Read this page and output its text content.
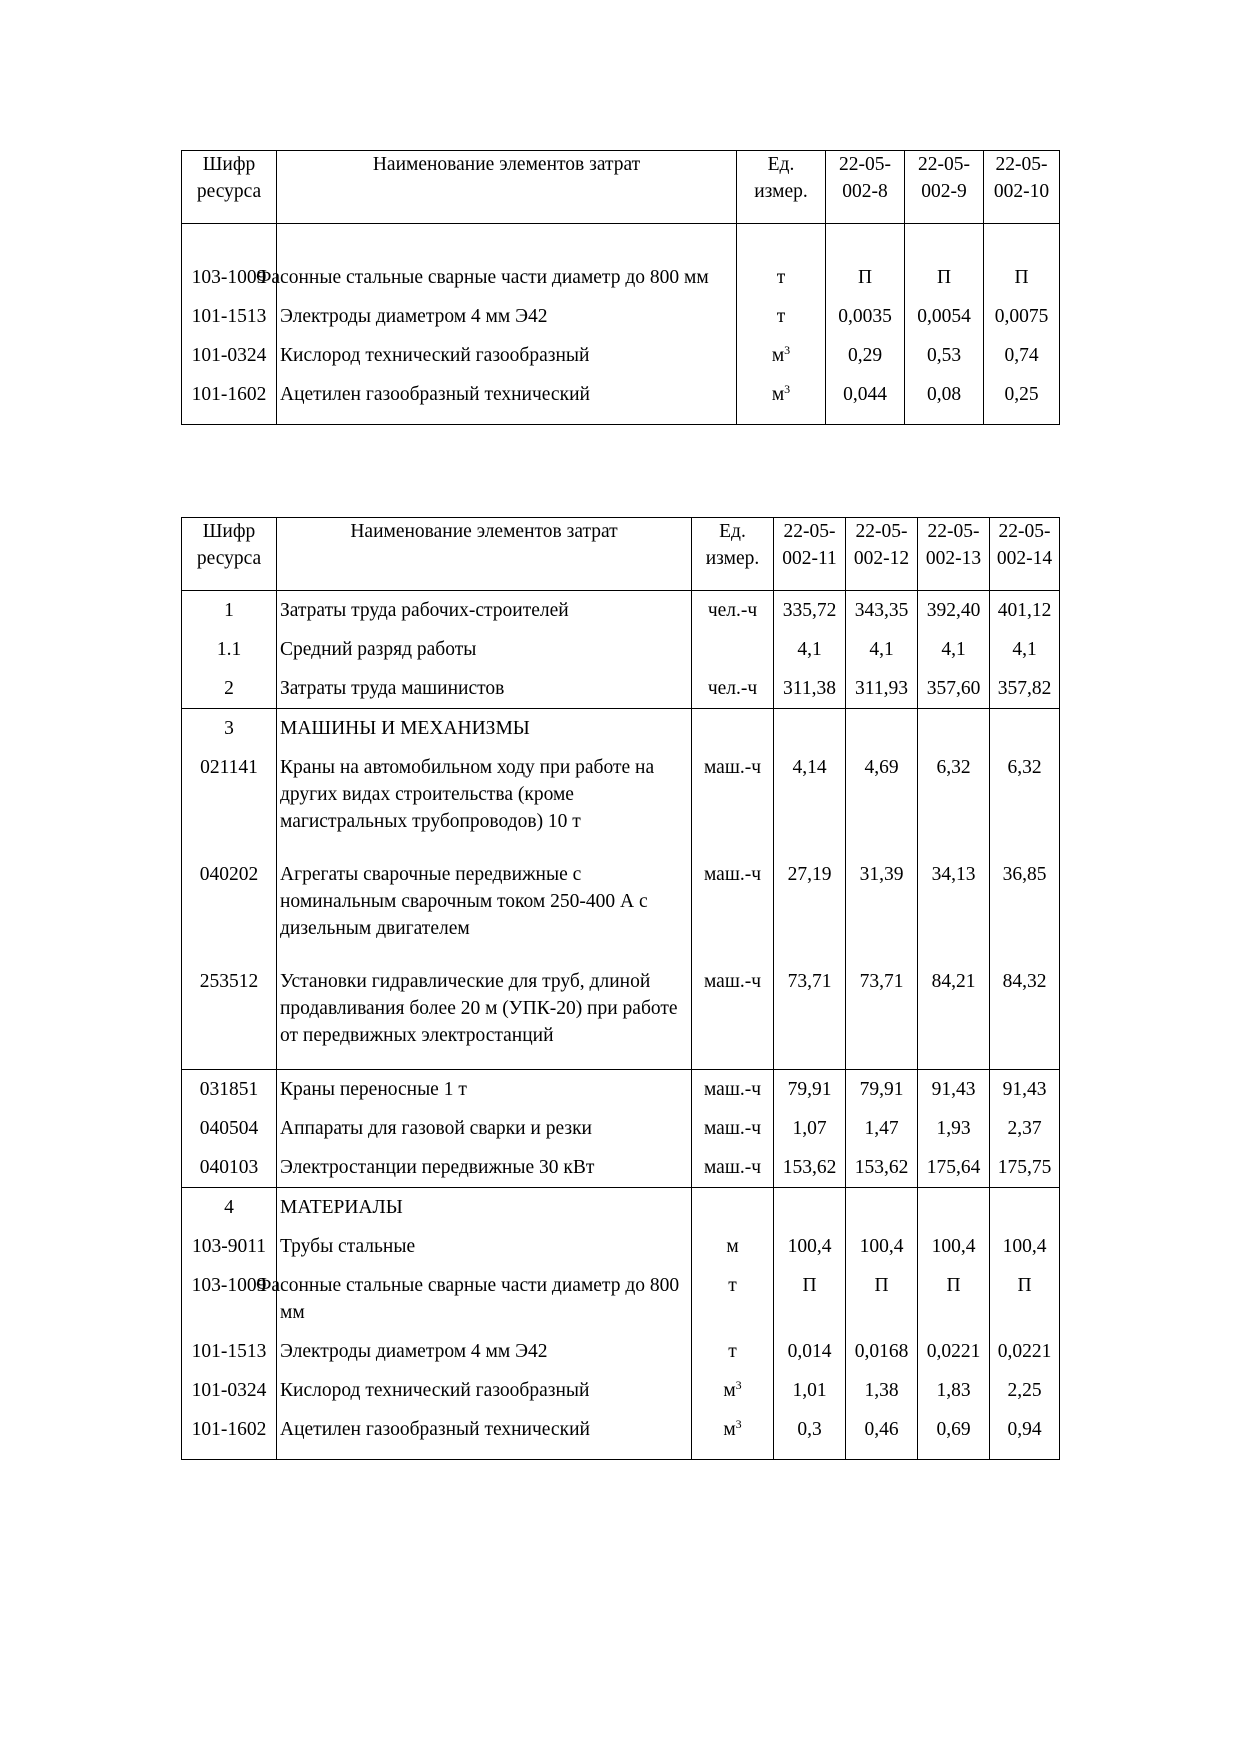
Шифр ресурса	Наименование элементов затрат	Ед. измер.	22-05-002-8	22-05-002-9	22-05-002-10
103-1009	Фасонные стальные сварные части диаметр до 800 мм	т	П	П	П
101-1513	Электроды диаметром 4 мм Э42	т	0,0035	0,0054	0,0075
101-0324	Кислород технический газообразный	$м^3$	0,29	0,53	0,74
101-1602	Ацетилен газообразный технический	$м^3$	0,044	0,08	0,25
Шифр ресурса	Наименование элементов затрат	Ед. измер.	22-05-002-11	22-05-002-12	22-05-002-13	22-05-002-14
1	Затраты труда рабочих-строителей	чел.-ч	335,72	343,35	392,40	401,12
1.1	Средний разряд работы		4,1	4,1	4,1	4,1
2	Затраты труда машинистов	чел.-ч	311,38	311,93	357,60	357,82
3	МАШИНЫ И МЕХАНИЗМЫ					
021141	Краны на автомобильном ходу при работе на других видах строительства (кроме магистральных трубопроводов) 10 т	маш.-ч	4,14	4,69	6,32	6,32
040202	Агрегаты сварочные передвижные с номинальным сварочным током 250-400 А с дизельным двигателем	маш.-ч	27,19	31,39	34,13	36,85
253512	Установки гидравлические для труб, длиной продавливания более 20 м (УПК-20) при работе от передвижных электростанций	маш.-ч	73,71	73,71	84,21	84,32
031851	Краны переносные 1 т	маш.-ч	79,91	79,91	91,43	91,43
040504	Аппараты для газовой сварки и резки	маш.-ч	1,07	1,47	1,93	2,37
040103	Электростанции передвижные 30 кВт	маш.-ч	153,62	153,62	175,64	175,75
4	МАТЕРИАЛЫ					
103-9011	Трубы стальные	м	100,4	100,4	100,4	100,4
103-1009	Фасонные стальные сварные части диаметр до 800 мм	т	П	П	П	П
101-1513	Электроды диаметром 4 мм Э42	т	0,014	0,0168	0,0221	0,0221
101-0324	Кислород технический газообразный	$м^3$	1,01	1,38	1,83	2,25
101-1602	Ацетилен газообразный технический	$м^3$	0,3	0,46	0,69	0,94
